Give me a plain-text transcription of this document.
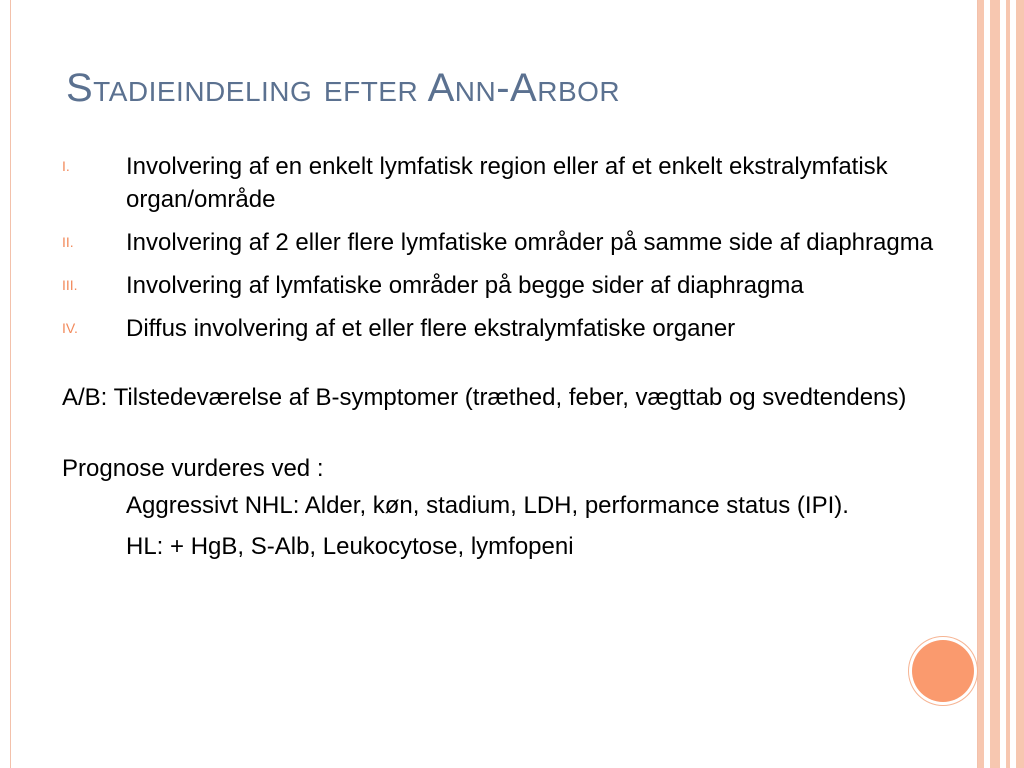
Stadieindeling efter Ann-Arbor
I. Involvering af en enkelt lymfatisk region eller af et enkelt ekstralymfatisk organ/område
II. Involvering af 2 eller flere lymfatiske områder på samme side af diaphragma
III. Involvering af lymfatiske områder på begge sider af diaphragma
IV. Diffus involvering af et eller flere ekstralymfatiske organer
A/B: Tilstedeværelse af B-symptomer (træthed, feber, vægttab og svedtendens)
Prognose vurderes ved :
Aggressivt NHL: Alder, køn, stadium, LDH, performance status (IPI).
HL: + HgB, S-Alb, Leukocytose, lymfopeni
